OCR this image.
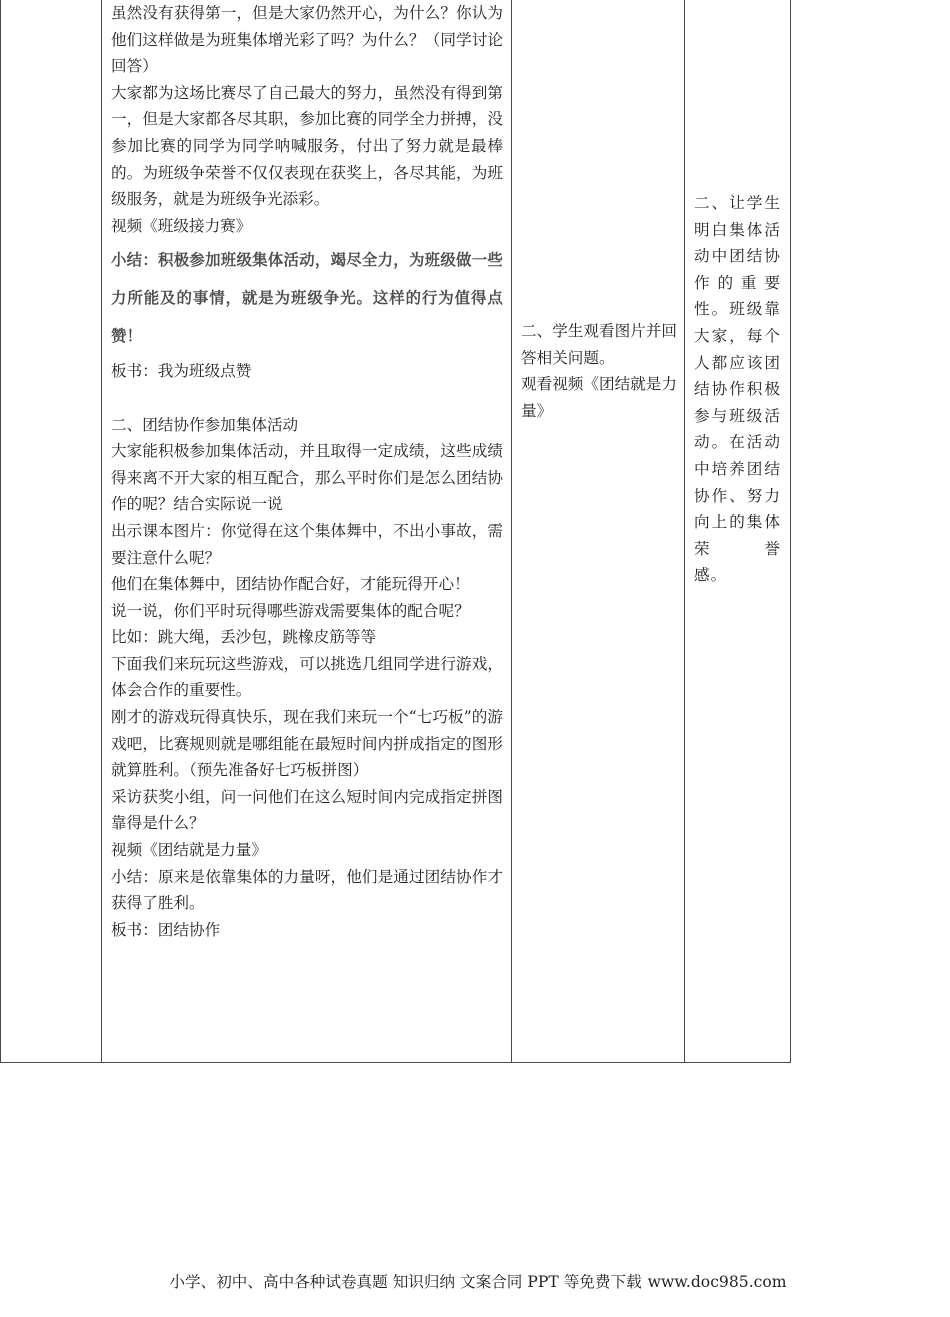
虽然没有获得第一，但是大家仍然开心，为什么？你认为他们这样做是为班集体增光彩了吗？为什么？（同学讨论回答）

大家都为这场比赛尽了自己最大的努力，虽然没有得到第一，但是大家都各尽其职，参加比赛的同学全力拼搏，没参加比赛的同学为同学呐喊服务，付出了努力就是最棒的。为班级争荣誉不仅仅表现在获奖上，各尽其能，为班级服务，就是为班级争光添彩。

视频《班级接力赛》

小结：积极参加班级集体活动，竭尽全力，为班级做一些力所能及的事情，就是为班级争光。这样的行为值得点赞！

板书：我为班级点赞

二、团结协作参加集体活动

大家能积极参加集体活动，并且取得一定成绩，这些成绩得来离不开大家的相互配合，那么平时你们是怎么团结协作的呢？结合实际说一说

出示课本图片：你觉得在这个集体舞中，不出小事故，需要注意什么呢？

他们在集体舞中，团结协作配合好，才能玩得开心！

说一说，你们平时玩得哪些游戏需要集体的配合呢？

比如：跳大绳，丢沙包，跳橡皮筋等等

下面我们来玩玩这些游戏，可以挑选几组同学进行游戏，体会合作的重要性。

刚才的游戏玩得真快乐，现在我们来玩一个“七巧板”的游戏吧，比赛规则就是哪组能在最短时间内拼成指定的图形就算胜利。（预先准备好七巧板拼图）

采访获奖小组，问一问他们在这么短时间内完成指定拼图靠得是什么？

视频《团结就是力量》

小结：原来是依靠集体的力量呀，他们是通过团结协作才获得了胜利。

板书：团结协作

二、学生观看图片并回答相关问题。

观看视频《团结就是力量》

二、让学生明白集体活动中团结协作的重要性。班级靠大家，每个人都应该团结协作积极参与班级活动。在活动中培养团结协作、努力向上的集体荣誉
感。
小学、初中、高中各种试卷真题 知识归纳 文案合同 PPT 等免费下载 www.doc985.com
